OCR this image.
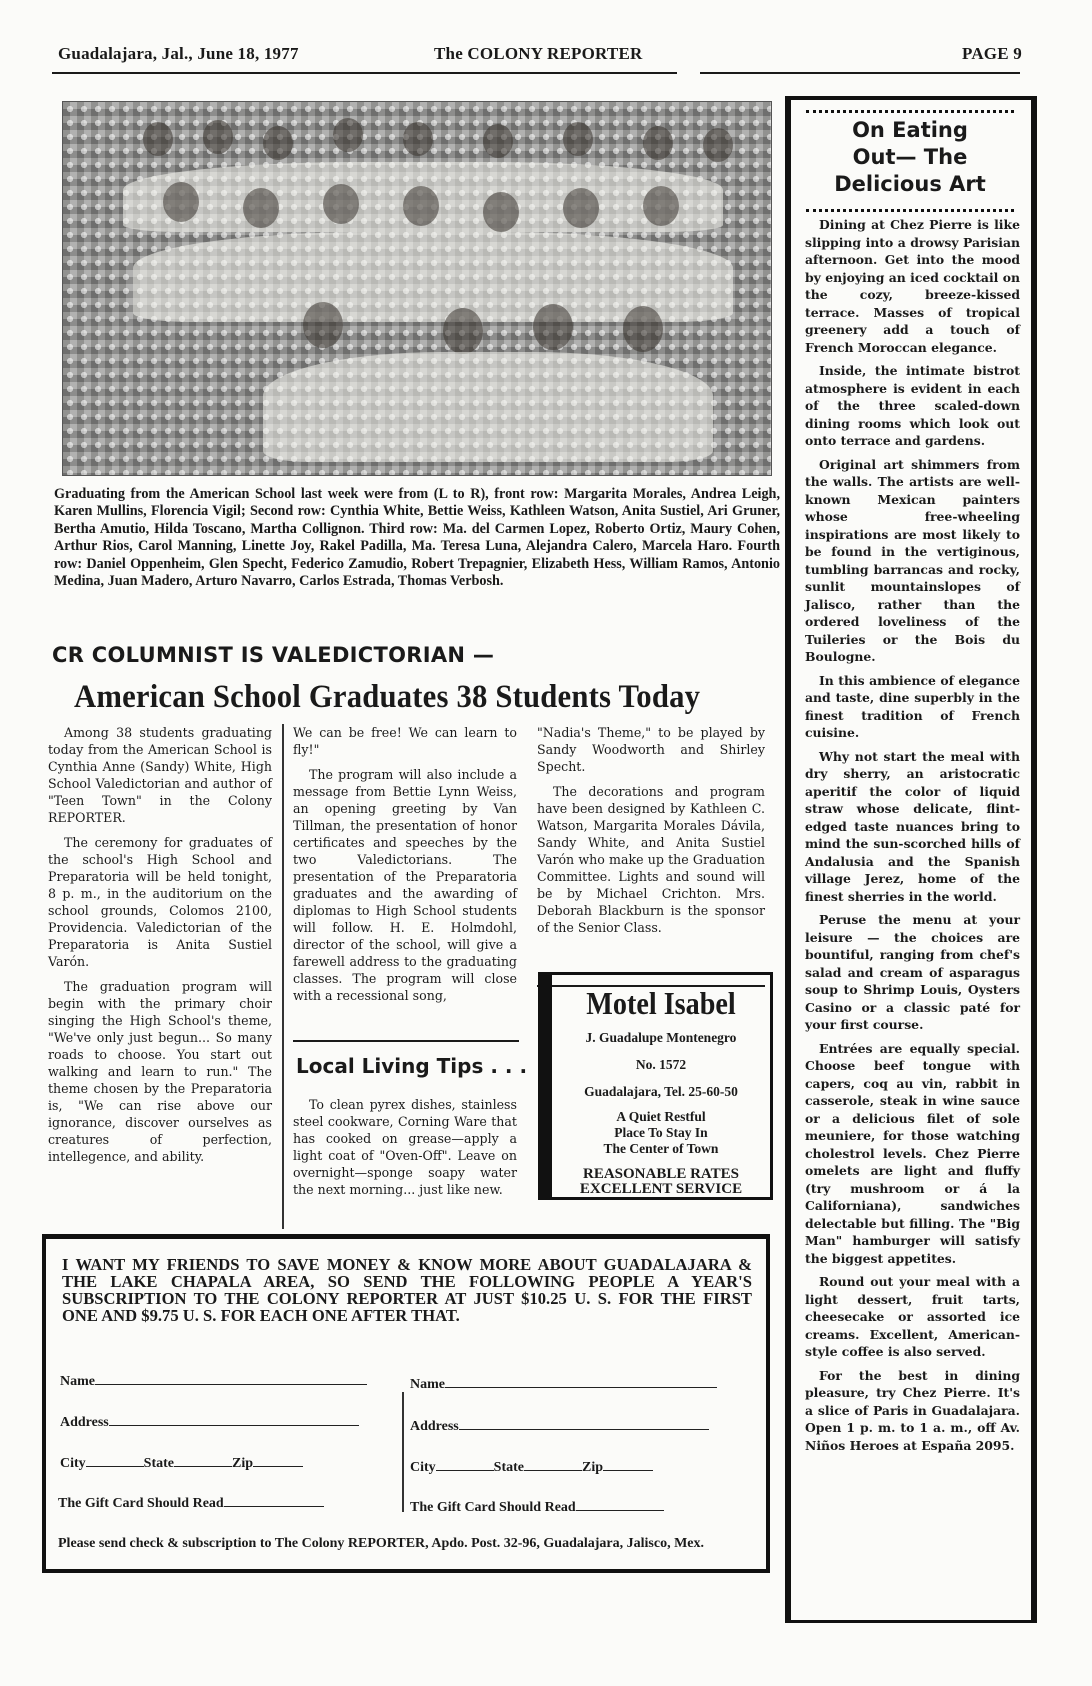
Guadalajara, Jal., June 18, 1977	The COLONY REPORTER	PAGE 9
Graduating from the American School last week were from (L to R), front row: Margarita Morales, Andrea Leigh, Karen Mullins, Florencia Vigil; Second row: Cynthia White, Bettie Weiss, Kathleen Watson, Anita Sustiel, Ari Gruner, Bertha Amutio, Hilda Toscano, Martha Collignon. Third row: Ma. del Carmen Lopez, Roberto Ortiz, Maury Cohen, Arthur Rios, Carol Manning, Linette Joy, Rakel Padilla, Ma. Teresa Luna, Alejandra Calero, Marcela Haro. Fourth row: Daniel Oppenheim, Glen Specht, Federico Zamudio, Robert Trepagnier, Elizabeth Hess, William Ramos, Antonio Medina, Juan Madero, Arturo Navarro, Carlos Estrada, Thomas Verbosh.
CR COLUMNIST IS VALEDICTORIAN —
American School Graduates 38 Students Today

Among 38 students graduating today from the American School is Cynthia Anne (Sandy) White, High School Valedictorian and author of "Teen Town" in the Colony REPORTER.

The ceremony for graduates of the school's High School and Preparatoria will be held tonight, 8 p. m., in the auditorium on the school grounds, Colomos 2100, Providencia. Valedictorian of the Preparatoria is Anita Sustiel Varón.

The graduation program will begin with the primary choir singing the High School's theme, "We've only just begun... So many roads to choose. You start out walking and learn to run." The theme chosen by the Preparatoria is, "We can rise above our ignorance, discover ourselves as creatures of perfection, intellegence, and ability.

We can be free! We can learn to fly!"

The program will also include a message from Bettie Lynn Weiss, an opening greeting by Van Tillman, the presentation of honor certificates and speeches by the two Valedictorians. The presentation of the Preparatoria graduates and the awarding of diplomas to High School students will follow. H. E. Holmdohl, director of the school, will give a farewell address to the graduating classes. The program will close with a recessional song,

"Nadia's Theme," to be played by Sandy Woodworth and Shirley Specht.

The decorations and program have been designed by Kathleen C. Watson, Margarita Morales Dávila, Sandy White, and Anita Sustiel Varón who make up the Graduation Committee. Lights and sound will be by Michael Crichton. Mrs. Deborah Blackburn is the sponsor of the Senior Class.

Local Living Tips . . .

To clean pyrex dishes, stainless steel cookware, Corning Ware that has cooked on grease—apply a light coat of "Oven-Off". Leave on overnight—sponge soapy water the next morning... just like new.

Motel Isabel
J. Guadalupe Montenegro
No. 1572
Guadalajara, Tel. 25-60-50
A Quiet Restful
Place To Stay In
The Center of Town
REASONABLE RATES
EXCELLENT SERVICE
I WANT MY FRIENDS TO SAVE MONEY & KNOW MORE ABOUT GUADALAJARA & THE LAKE CHAPALA AREA, SO SEND THE FOLLOWING PEOPLE A YEAR'S SUBSCRIPTION TO THE COLONY REPORTER AT JUST $10.25 U. S. FOR THE FIRST ONE AND $9.75 U. S. FOR EACH ONE AFTER THAT.
Name
Address
City	State	Zip
The Gift Card Should Read
Name
Address
City	State	Zip
The Gift Card Should Read
Please send check & subscription to The Colony REPORTER, Apdo. Post. 32-96, Guadalajara, Jalisco, Mex.
On Eating
Out— The
Delicious Art

Dining at Chez Pierre is like slipping into a drowsy Parisian afternoon. Get into the mood by enjoying an iced cocktail on the cozy, breeze-kissed terrace. Masses of tropical greenery add a touch of French Moroccan elegance.

Inside, the intimate bistrot atmosphere is evident in each of the three scaled-down dining rooms which look out onto terrace and gardens.

Original art shimmers from the walls. The artists are well-known Mexican painters whose free-wheeling inspirations are most likely to be found in the vertiginous, tumbling barrancas and rocky, sunlit mountainslopes of Jalisco, rather than the ordered loveliness of the Tuileries or the Bois du Boulogne.

In this ambience of elegance and taste, dine superbly in the finest tradition of French cuisine.

Why not start the meal with dry sherry, an aristocratic aperitif the color of liquid straw whose delicate, flint-edged taste nuances bring to mind the sun-scorched hills of Andalusia and the Spanish village Jerez, home of the finest sherries in the world.

Peruse the menu at your leisure — the choices are bountiful, ranging from chef's salad and cream of asparagus soup to Shrimp Louis, Oysters Casino or a classic paté for your first course.

Entrées are equally special. Choose beef tongue with capers, coq au vin, rabbit in casserole, steak in wine sauce or a delicious filet of sole meuniere, for those watching cholestrol levels. Chez Pierre omelets are light and fluffy (try mushroom or á la Californiana), sandwiches delectable but filling. The "Big Man" hamburger will satisfy the biggest appetites.

Round out your meal with a light dessert, fruit tarts, cheesecake or assorted ice creams. Excellent, American-style coffee is also served.

For the best in dining pleasure, try Chez Pierre. It's a slice of Paris in Guadalajara. Open 1 p. m. to 1 a. m., off Av. Niños Heroes at España 2095.
